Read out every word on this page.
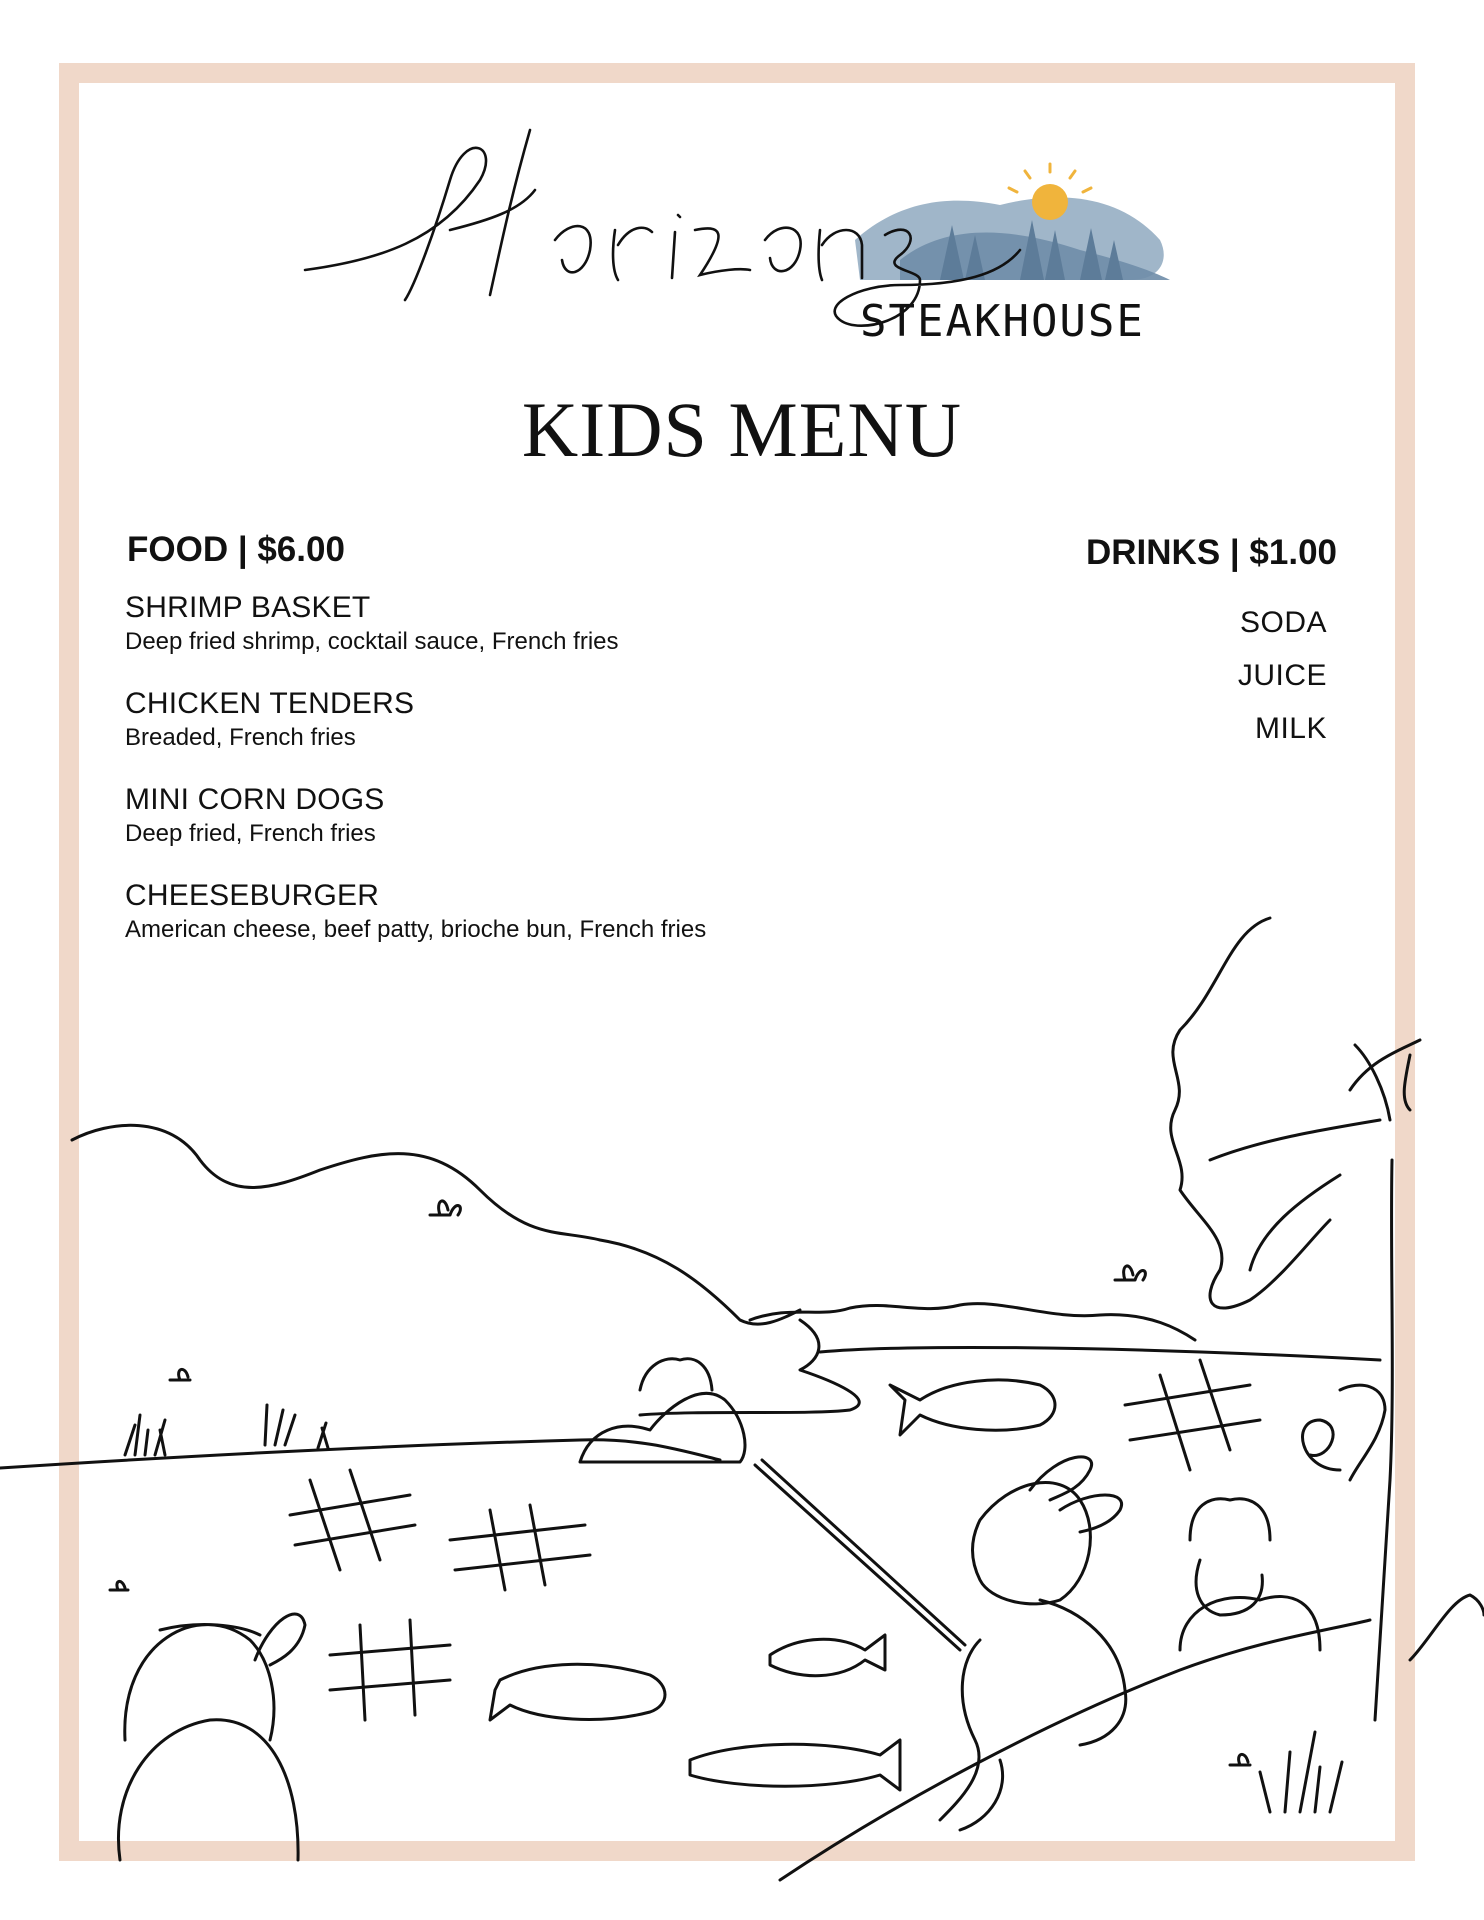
STEAKHOUSE
KIDS MENU
FOOD | $6.00
SHRIMP BASKET
Deep fried shrimp, cocktail sauce, French fries
CHICKEN TENDERS
Breaded, French fries
MINI CORN DOGS
Deep fried, French fries
CHEESEBURGER
American cheese, beef patty, brioche bun, French fries
DRINKS | $1.00
SODA
JUICE
MILK
